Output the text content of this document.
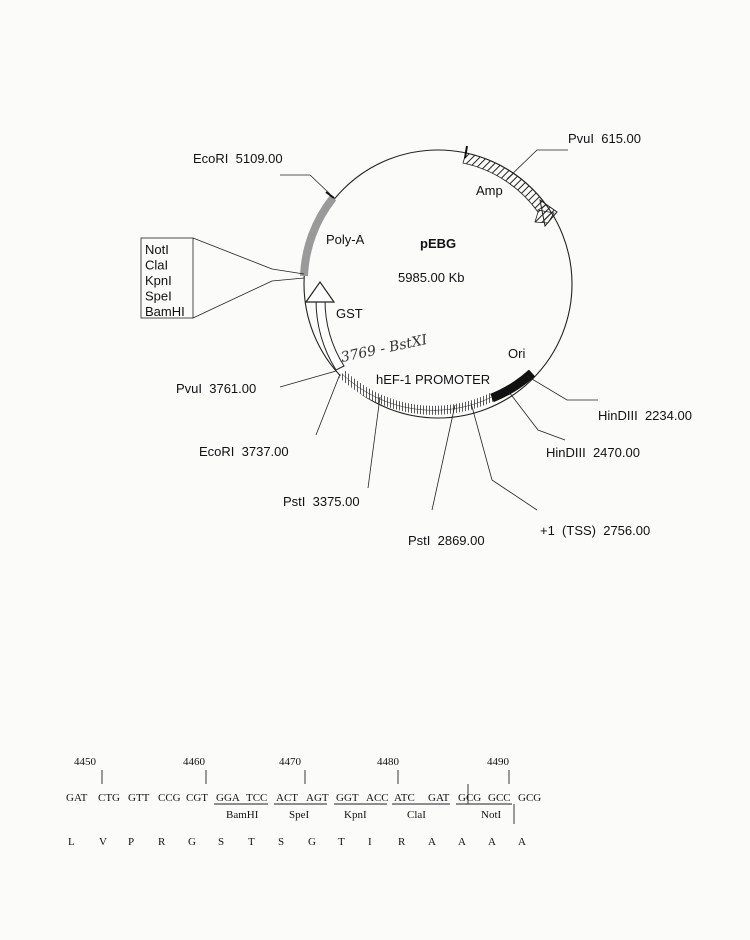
pEBG
5985.00 Kb
Poly-A
Amp
GST
Ori
hEF-1 PROMOTER
3769 - BstXI
PvuI  615.00
EcoRI  5109.00
HinDIII  2234.00
HinDIII  2470.00
+1  (TSS)  2756.00
PstI  2869.00
PstI  3375.00
EcoRI  3737.00
PvuI  3761.00
NotI
ClaI
KpnI
SpeI
BamHI
GAT CTG GTT CCG CGT GGA TCC ACT AGT GGT ACC ATC GAT GCG GCC GCG
4450	4460	4470	4480	4490
BamHI	SpeI	KpnI	ClaI	NotI
L V P R G S T S G T I R A A A A
